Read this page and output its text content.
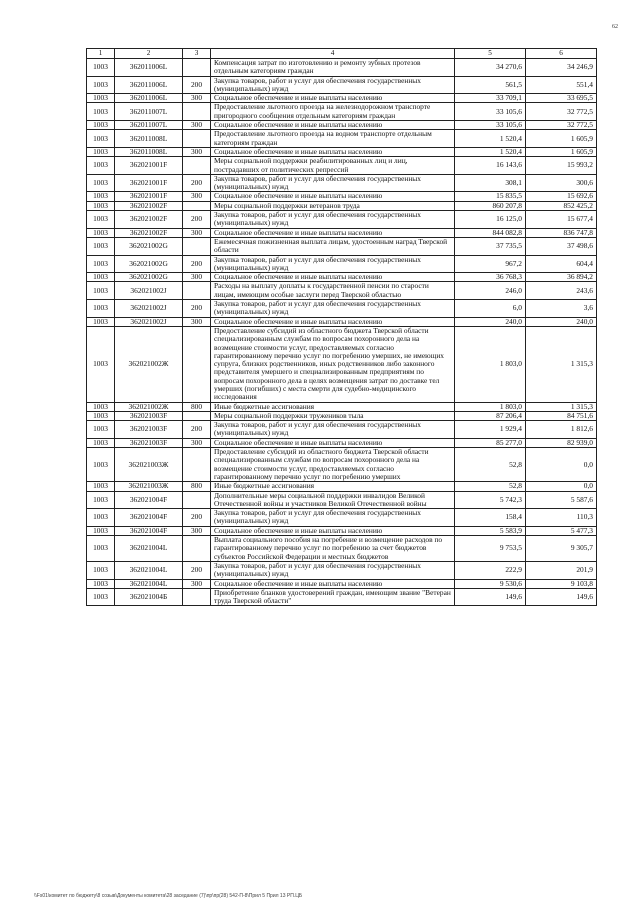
62
1	2	3	4	5	6
1003	362011006L		Компенсация затрат по изготовлению и ремонту зубных протезов отдельным категориям граждан	34 270,6	34 246,9
1003	362011006L	200	Закупка товаров, работ и услуг для обеспечения государственных (муниципальных) нужд	561,5	551,4
1003	362011006L	300	Социальное обеспечение и иные выплаты населению	33 709,1	33 695,5
1003	362011007L		Предоставление льготного проезда на железнодорожном транспорте пригородного сообщения отдельным категориям граждан	33 105,6	32 772,5
1003	362011007L	300	Социальное обеспечение и иные выплаты населению	33 105,6	32 772,5
1003	362011008L		Предоставление льготного проезда на водном транспорте отдельным категориям граждан	1 520,4	1 605,9
1003	362011008L	300	Социальное обеспечение и иные выплаты населению	1 520,4	1 605,9
1003	362021001F		Меры социальной поддержки реабилитированных лиц и лиц, пострадавших от политических репрессий	16 143,6	15 993,2
1003	362021001F	200	Закупка товаров, работ и услуг для обеспечения государственных (муниципальных) нужд	308,1	300,6
1003	362021001F	300	Социальное обеспечение и иные выплаты населению	15 835,5	15 692,6
1003	362021002F		Меры социальной поддержки ветеранов труда	860 207,8	852 425,2
1003	362021002F	200	Закупка товаров, работ и услуг для обеспечения государственных (муниципальных) нужд	16 125,0	15 677,4
1003	362021002F	300	Социальное обеспечение и иные выплаты населению	844 082,8	836 747,8
1003	362021002G		Ежемесячная пожизненная выплата лицам, удостоенным наград Тверской области	37 735,5	37 498,6
1003	362021002G	200	Закупка товаров, работ и услуг для обеспечения государственных (муниципальных) нужд	967,2	604,4
1003	362021002G	300	Социальное обеспечение и иные выплаты населению	36 768,3	36 894,2
1003	362021002J		Расходы на выплату доплаты к государственной пенсии по старости лицам, имеющим особые заслуги перед Тверской областью	246,0	243,6
1003	362021002J	200	Закупка товаров, работ и услуг для обеспечения государственных (муниципальных) нужд	6,0	3,6
1003	362021002J	300	Социальное обеспечение и иные выплаты населению	240,0	240,0
1003	362021002Ж		Предоставление субсидий из областного бюджета Тверской области специализированным службам по вопросам похоронного дела на возмещение стоимости услуг, предоставляемых согласно гарантированному перечню услуг по погребению умерших, не имеющих супруга, близких родственников, иных родственников либо законного представителя умершего и специализированным предприятиям по вопросам похоронного дела в целях возмещения затрат по доставке тел умерших (погибших) с места смерти для судебно-медицинского исследования	1 803,0	1 315,3
1003	362021002Ж	800	Иные бюджетные ассигнования	1 803,0	1 315,3
1003	362021003F		Меры социальной поддержки тружеников тыла	87 206,4	84 751,6
1003	362021003F	200	Закупка товаров, работ и услуг для обеспечения государственных (муниципальных) нужд	1 929,4	1 812,6
1003	362021003F	300	Социальное обеспечение и иные выплаты населению	85 277,0	82 939,0
1003	362021003Ж		Предоставление субсидий из областного бюджета Тверской области специализированным службам по вопросам похоронного дела на возмещение стоимости услуг, предоставляемых согласно гарантированному перечню услуг по погребению умерших	52,8	0,0
1003	362021003Ж	800	Иные бюджетные ассигнования	52,8	0,0
1003	362021004F		Дополнительные меры социальной поддержки инвалидов Великой Отечественной войны и участников Великой Отечественной войны	5 742,3	5 587,6
1003	362021004F	200	Закупка товаров, работ и услуг для обеспечения государственных (муниципальных) нужд	158,4	110,3
1003	362021004F	300	Социальное обеспечение и иные выплаты населению	5 583,9	5 477,3
1003	362021004L		Выплата социального пособия на погребение и возмещение расходов по гарантированному перечню услуг по погребению за счет бюджетов субъектов Российской Федерации и местных бюджетов	9 753,5	9 305,7
1003	362021004L	200	Закупка товаров, работ и услуг для обеспечения государственных (муниципальных) нужд	222,9	201,9
1003	362021004L	300	Социальное обеспечение и иные выплаты населению	9 530,6	9 103,8
1003	362021004Б		Приобретение бланков удостоверений граждан, имеющим звание "Ветеран труда Тверской области"	149,6	149,6
\\Fs01\комитет по бюджету\8 созыв\Документы комитета\28 заседание (7)\пр\пр(28) 542-П-8\Прил 5 Прил 13 РП.ЦБ
